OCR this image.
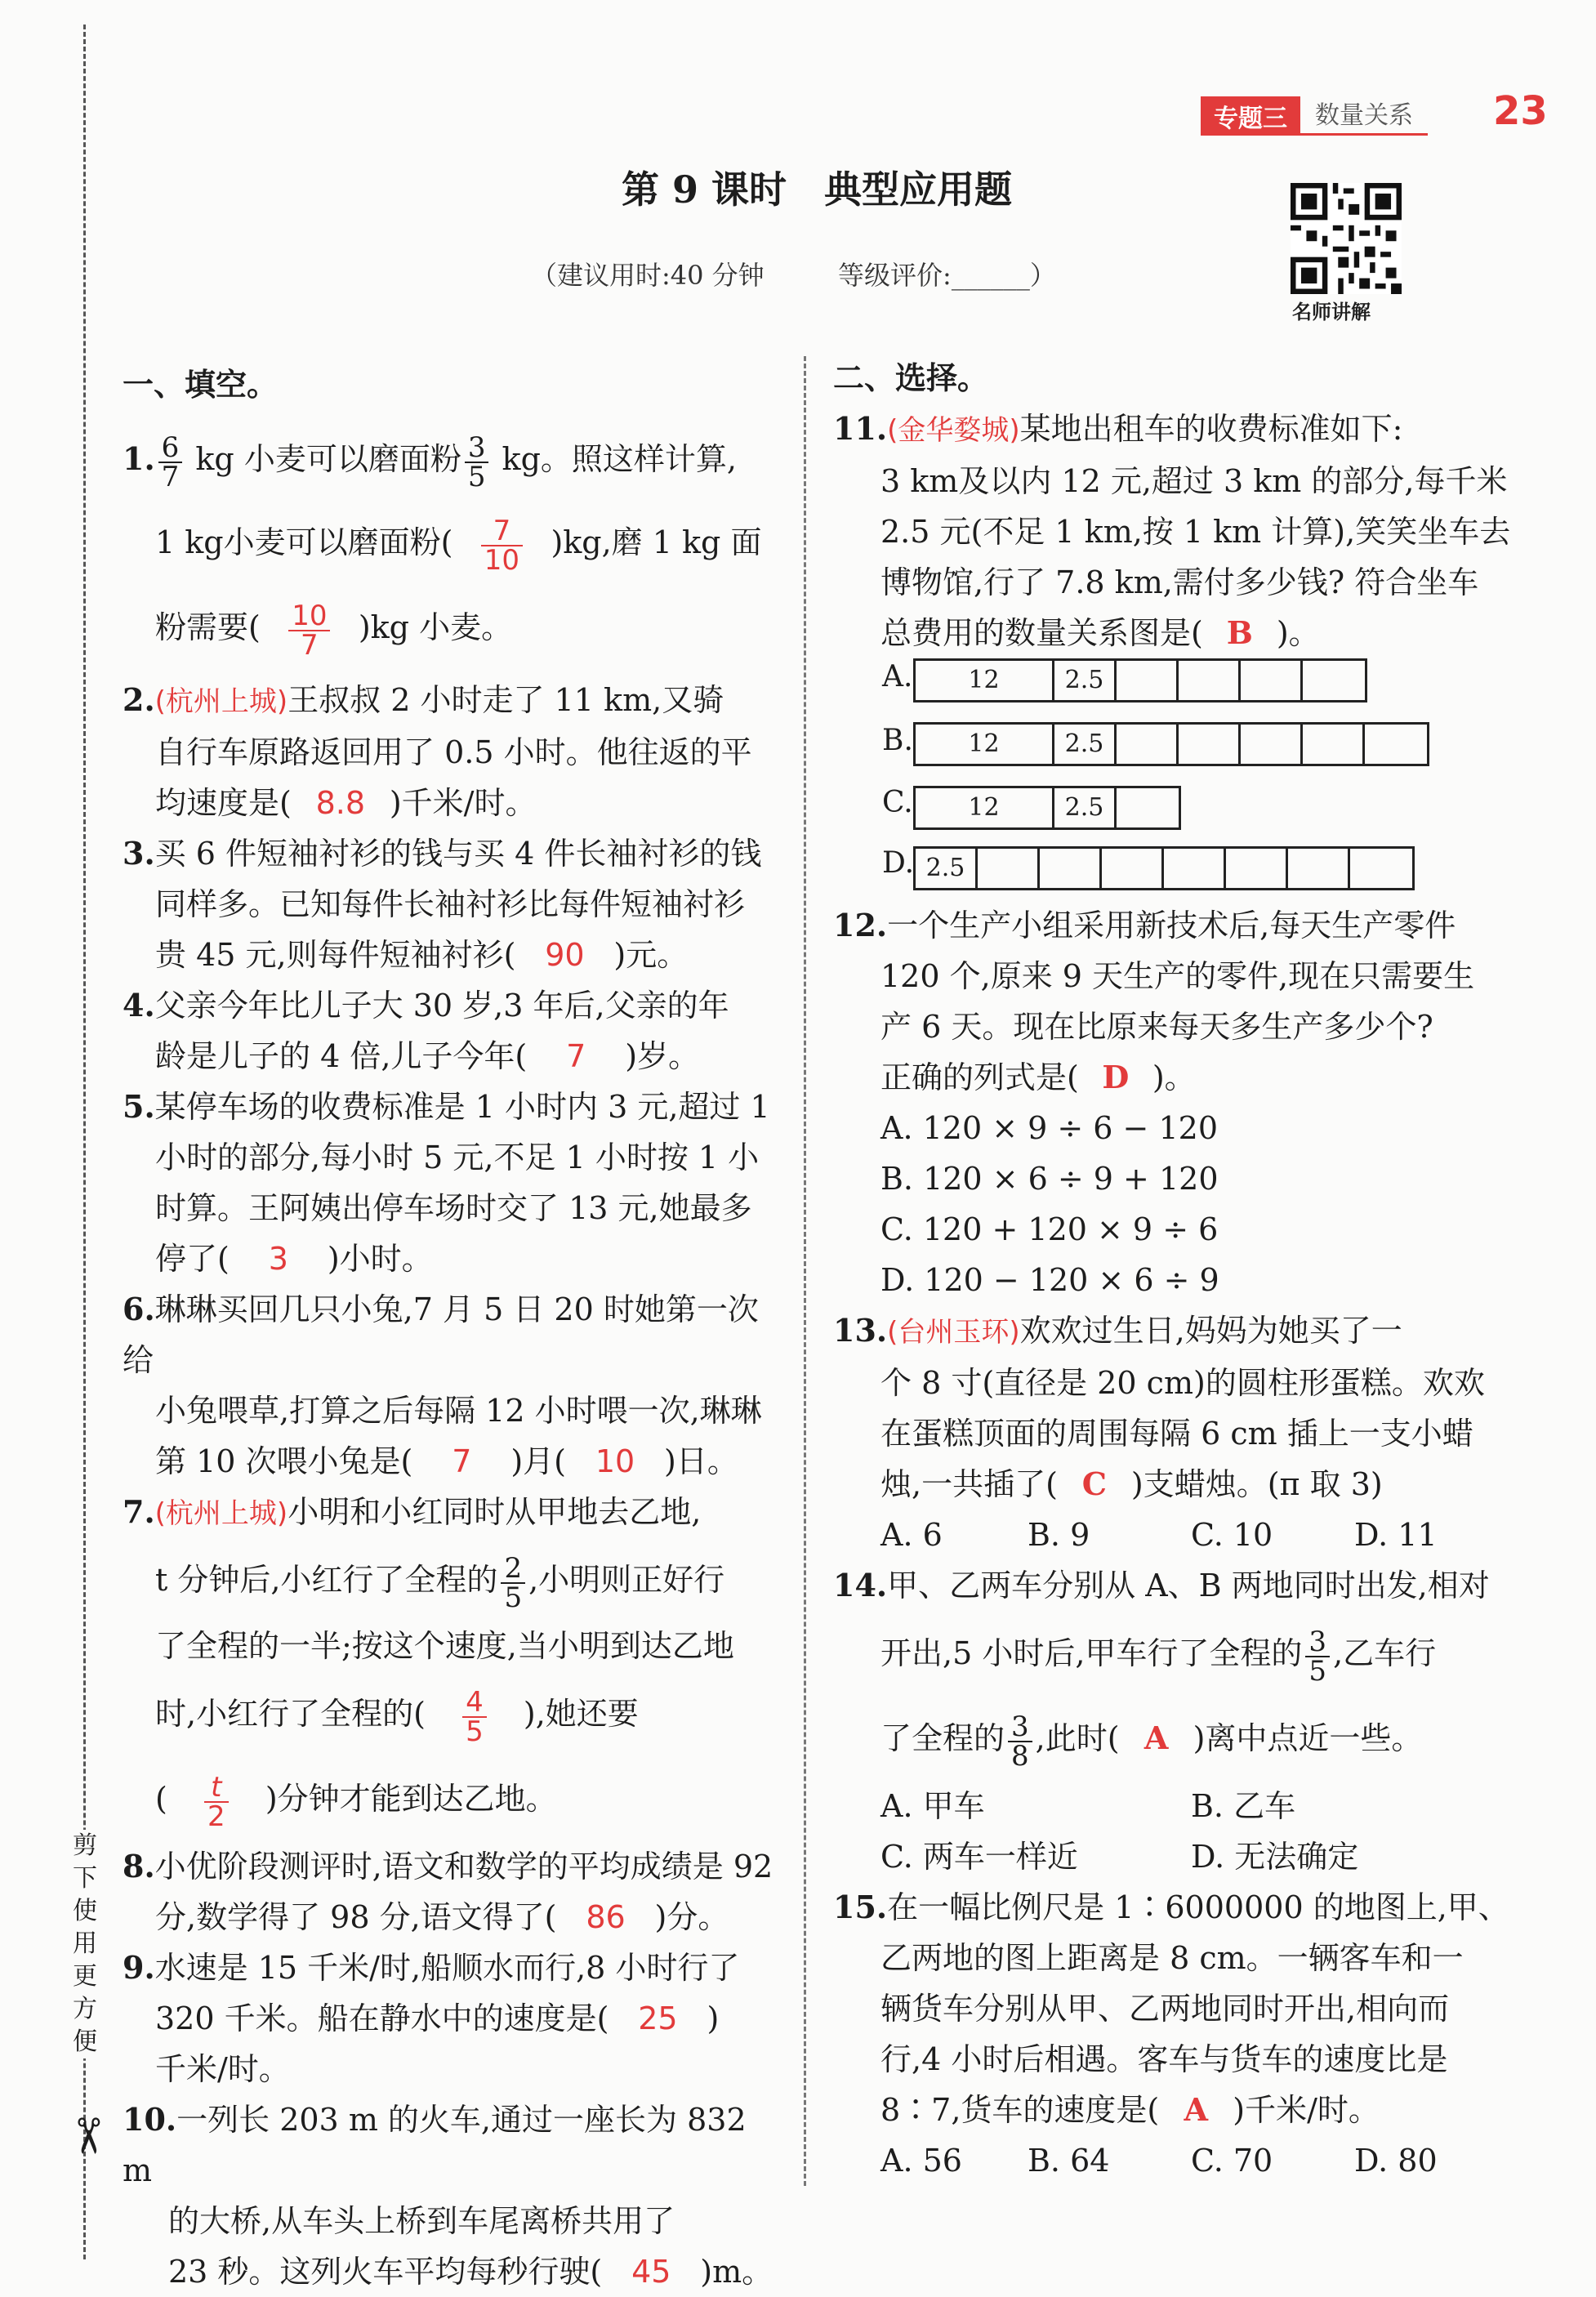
剪下使用更方便
✂
专题三	数量关系	23
第 9 课时　典型应用题
（建议用时:40 分钟	等级评价:______）
名师讲解
一、填空。
1. $\frac{6}{7}$ kg 小麦可以磨面粉 $\frac{3}{5}$ kg。照这样计算,
1 kg小麦可以磨面粉( $\frac{7}{10} )kg$,磨 1 kg 面
粉需要( $\frac{10}{7} )kg$ 小麦。
2.(杭州上城)王叔叔 2 小时走了 11 km,又骑
自行车原路返回用了 0.5 小时。他往返的平
均速度是( 8.8 )千米/时。
3.买 6 件短袖衬衫的钱与买 4 件长袖衬衫的钱
同样多。已知每件长袖衬衫比每件短袖衬衫
贵 45 元,则每件短袖衬衫( 90 )元。
4.父亲今年比儿子大 30 岁,3 年后,父亲的年
龄是儿子的 4 倍,儿子今年( 7 )岁。
5.某停车场的收费标准是 1 小时内 3 元,超过 1
小时的部分,每小时 5 元,不足 1 小时按 1 小
时算。王阿姨出停车场时交了 13 元,她最多
停了( 3 )小时。
6.琳琳买回几只小兔,7 月 5 日 20 时她第一次给
小兔喂草,打算之后每隔 12 小时喂一次,琳琳
第 10 次喂小兔是( 7 )月( 10 )日。
7.(杭州上城)小明和小红同时从甲地去乙地,
t 分钟后,小红行了全程的 $\frac{2}{5}$ ,小明则正好行
了全程的一半;按这个速度,当小明到达乙地
时,小红行了全程的( $\frac{4}{5}$ ),她还要
( $\frac{t}{2}$ )分钟才能到达乙地。
8.小优阶段测评时,语文和数学的平均成绩是 92
分,数学得了 98 分,语文得了( 86 )分。
9.水速是 15 千米/时,船顺水而行,8 小时行了
320 千米。船在静水中的速度是( 25 )
千米/时。
10.一列长 203 m 的火车,通过一座长为 832 m
的大桥,从车头上桥到车尾离桥共用了
23 秒。这列火车平均每秒行驶( 45 )m。
二、选择。
11.(金华婺城)某地出租车的收费标准如下:
3 km及以内 12 元,超过 3 km 的部分,每千米
2.5 元(不足 1 km,按 1 km 计算),笑笑坐车去
博物馆,行了 7.8 km,需付多少钱? 符合坐车
总费用的数量关系图是( B )。
A.	12	2.5
B.	12	2.5
C.	12	2.5
D. 2.5
12.一个生产小组采用新技术后,每天生产零件
120 个,原来 9 天生产的零件,现在只需要生
产 6 天。现在比原来每天多生产多少个?
正确的列式是( D )。
A. 120 × 9 ÷ 6 − 120
B. 120 × 6 ÷ 9 + 120
C. 120 + 120 × 9 ÷ 6
D. 120 − 120 × 6 ÷ 9
13.(台州玉环)欢欢过生日,妈妈为她买了一
个 8 寸(直径是 20 cm)的圆柱形蛋糕。欢欢
在蛋糕顶面的周围每隔 6 cm 插上一支小蜡
烛,一共插了( C )支蜡烛。(π 取 3)
A. 6	B. 9	C. 10	D. 11
14.甲、乙两车分别从 A、B 两地同时出发,相对
开出,5 小时后,甲车行了全程的 $\frac{3}{5}$ ,乙车行
了全程的 $\frac{3}{8}$ ,此时( A )离中点近一些。
A. 甲车	B. 乙车
C. 两车一样近	D. 无法确定
15.在一幅比例尺是 1∶6000000 的地图上,甲、
乙两地的图上距离是 8 cm。一辆客车和一
辆货车分别从甲、乙两地同时开出,相向而
行,4 小时后相遇。客车与货车的速度比是
8∶7,货车的速度是( A )千米/时。
A. 56	B. 64	C. 70	D. 80
